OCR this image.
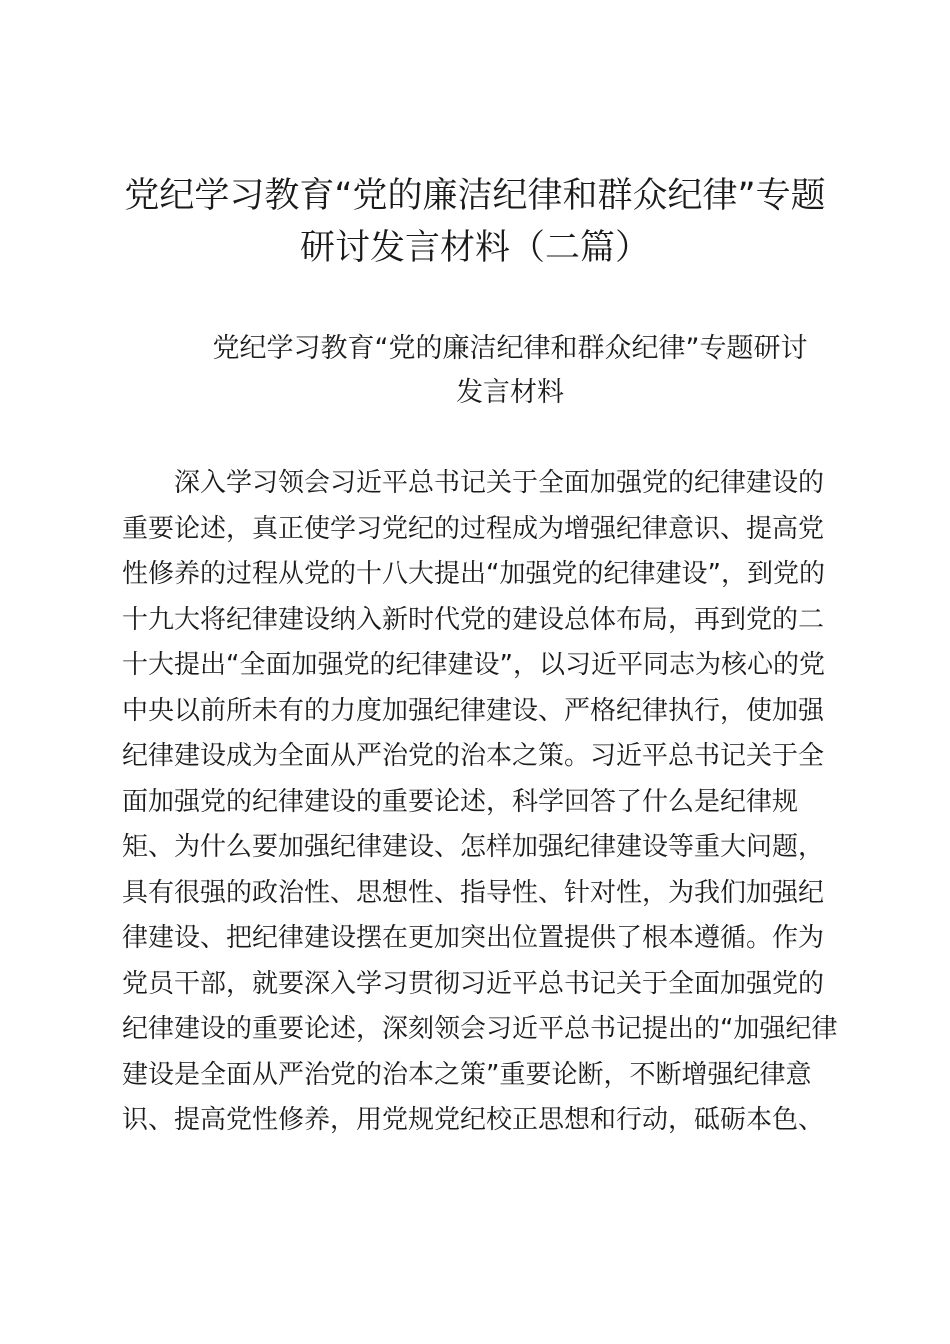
党纪学习教育“党的廉洁纪律和群众纪律”专题
研讨发言材料（二篇）
党纪学习教育“党的廉洁纪律和群众纪律”专题研讨
发言材料
深入学习领会习近平总书记关于全面加强党的纪律建设的
重要论述，真正使学习党纪的过程成为增强纪律意识、提高党
性修养的过程从党的十八大提出“加强党的纪律建设”，到党的
十九大将纪律建设纳入新时代党的建设总体布局，再到党的二
十大提出“全面加强党的纪律建设”，以习近平同志为核心的党
中央以前所未有的力度加强纪律建设、严格纪律执行，使加强
纪律建设成为全面从严治党的治本之策。习近平总书记关于全
面加强党的纪律建设的重要论述，科学回答了什么是纪律规
矩、为什么要加强纪律建设、怎样加强纪律建设等重大问题，
具有很强的政治性、思想性、指导性、针对性，为我们加强纪
律建设、把纪律建设摆在更加突出位置提供了根本遵循。作为
党员干部，就要深入学习贯彻习近平总书记关于全面加强党的
纪律建设的重要论述，深刻领会习近平总书记提出的“加强纪律
建设是全面从严治党的治本之策”重要论断，不断增强纪律意
识、提高党性修养，用党规党纪校正思想和行动，砥砺本色、
